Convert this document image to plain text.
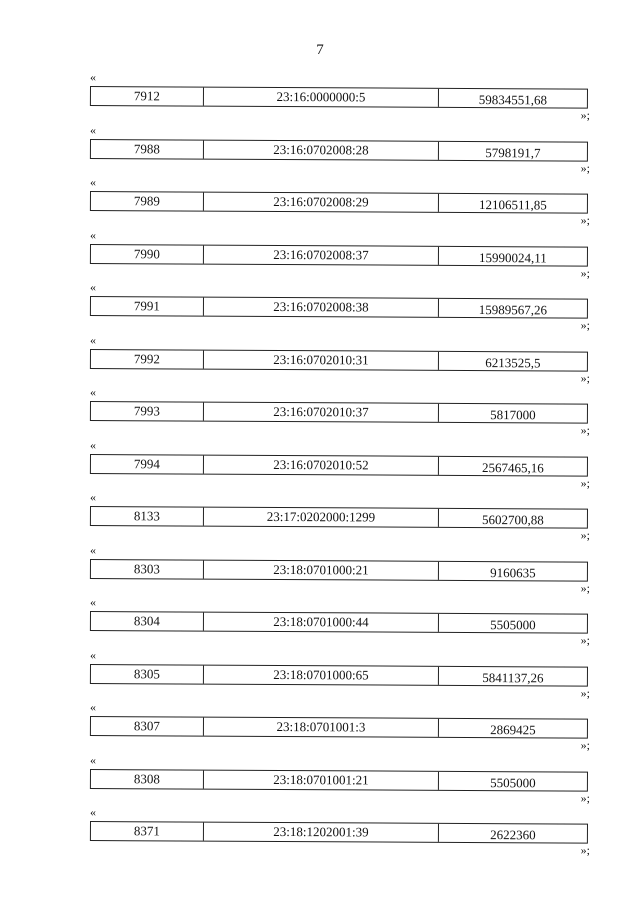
7
«
7912	23:16:0000000:5	59834551,68
»;
«
7988	23:16:0702008:28	5798191,7
»;
«
7989	23:16:0702008:29	12106511,85
»;
«
7990	23:16:0702008:37	15990024,11
»;
«
7991	23:16:0702008:38	15989567,26
»;
«
7992	23:16:0702010:31	6213525,5
»;
«
7993	23:16:0702010:37	5817000
»;
«
7994	23:16:0702010:52	2567465,16
»;
«
8133	23:17:0202000:1299	5602700,88
»;
«
8303	23:18:0701000:21	9160635
»;
«
8304	23:18:0701000:44	5505000
»;
«
8305	23:18:0701000:65	5841137,26
»;
«
8307	23:18:0701001:3	2869425
»;
«
8308	23:18:0701001:21	5505000
»;
«
8371	23:18:1202001:39	2622360
»;
